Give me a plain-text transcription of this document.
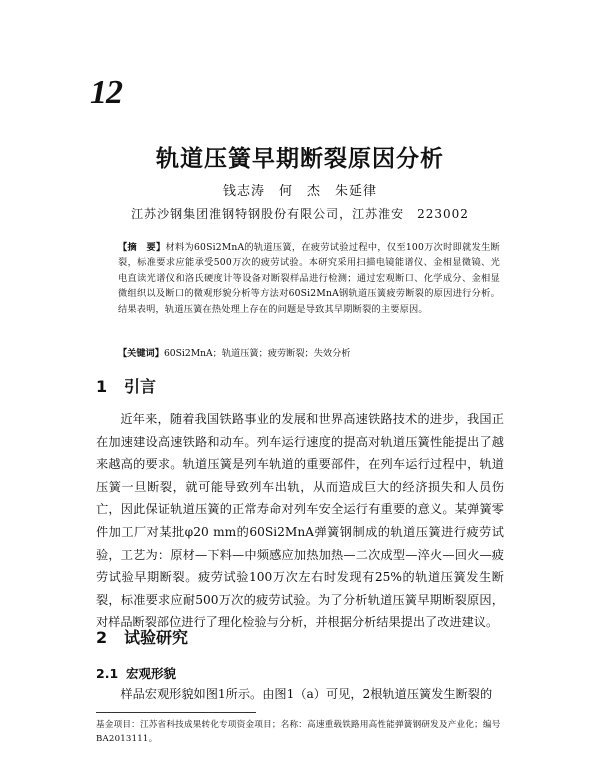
12
轨道压簧早期断裂原因分析
钱志涛　何　杰　朱延律
江苏沙钢集团淮钢特钢股份有限公司，江苏淮安　223002
【摘　要】材料为60Si2MnA的轨道压簧，在疲劳试验过程中，仅至100万次时即就发生断裂，标准要求应能承受500万次的疲劳试验。本研究采用扫描电镜能谱仪、金相显微镜、光电直读光谱仪和洛氏硬度计等设备对断裂样品进行检测；通过宏观断口、化学成分、金相显微组织以及断口的微观形貌分析等方法对60Si2MnA钢轨道压簧疲劳断裂的原因进行分析。结果表明，轨道压簧在热处理上存在的问题是导致其早期断裂的主要原因。
【关键词】60Si2MnA；轨道压簧；疲劳断裂；失效分析
1 引言

近年来，随着我国铁路事业的发展和世界高速铁路技术的进步，我国正在加速建设高速铁路和动车。列车运行速度的提高对轨道压簧性能提出了越来越高的要求。轨道压簧是列车轨道的重要部件，在列车运行过程中，轨道压簧一旦断裂，就可能导致列车出轨，从而造成巨大的经济损失和人员伤亡，因此保证轨道压簧的正常寿命对列车安全运行有重要的意义。某弹簧零件加工厂对某批φ20 mm的60Si2MnA弹簧钢制成的轨道压簧进行疲劳试验，工艺为：原材—下料—中频感应加热加热—二次成型—淬火—回火—疲劳试验早期断裂。疲劳试验100万次左右时发现有25%的轨道压簧发生断裂，标准要求应耐500万次的疲劳试验。为了分析轨道压簧早期断裂原因，对样品断裂部位进行了理化检验与分析，并根据分析结果提出了改进建议。

2 试验研究
2.1 宏观形貌

样品宏观形貌如图1所示。由图1（a）可见，2根轨道压簧发生断裂的

基金项目：江苏省科技成果转化专项资金项目；名称：高速重载铁路用高性能弹簧钢研发及产业化；编号BA2013111。
